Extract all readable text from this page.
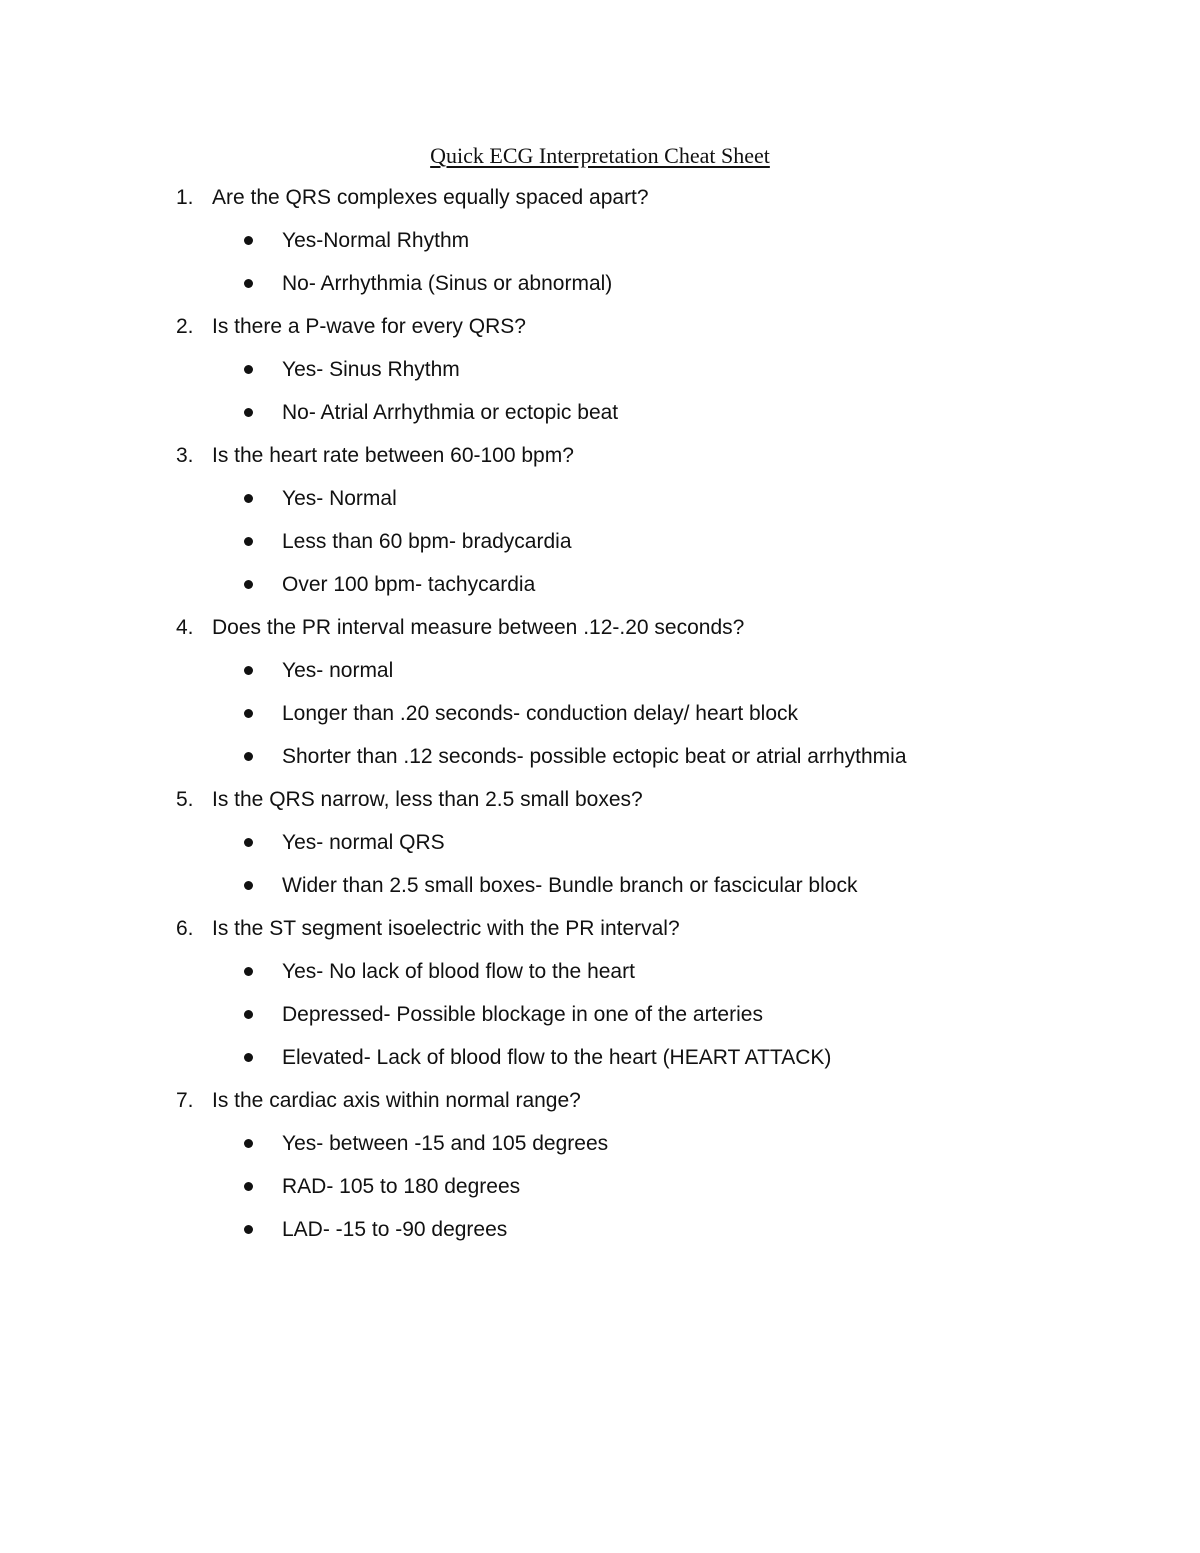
Quick ECG Interpretation Cheat Sheet
1. Are the QRS complexes equally spaced apart?
Yes-Normal Rhythm
No- Arrhythmia (Sinus or abnormal)
2. Is there a P-wave for every QRS?
Yes- Sinus Rhythm
No- Atrial Arrhythmia or ectopic beat
3. Is the heart rate between 60-100 bpm?
Yes- Normal
Less than 60 bpm- bradycardia
Over 100 bpm- tachycardia
4. Does the PR interval measure between .12-.20 seconds?
Yes- normal
Longer than .20 seconds- conduction delay/ heart block
Shorter than .12 seconds- possible ectopic beat or atrial arrhythmia
5. Is the QRS narrow, less than 2.5 small boxes?
Yes- normal QRS
Wider than 2.5 small boxes- Bundle branch or fascicular block
6. Is the ST segment isoelectric with the PR interval?
Yes- No lack of blood flow to the heart
Depressed- Possible blockage in one of the arteries
Elevated- Lack of blood flow to the heart (HEART ATTACK)
7. Is the cardiac axis within normal range?
Yes- between -15 and 105 degrees
RAD- 105 to 180 degrees
LAD- -15 to -90 degrees
